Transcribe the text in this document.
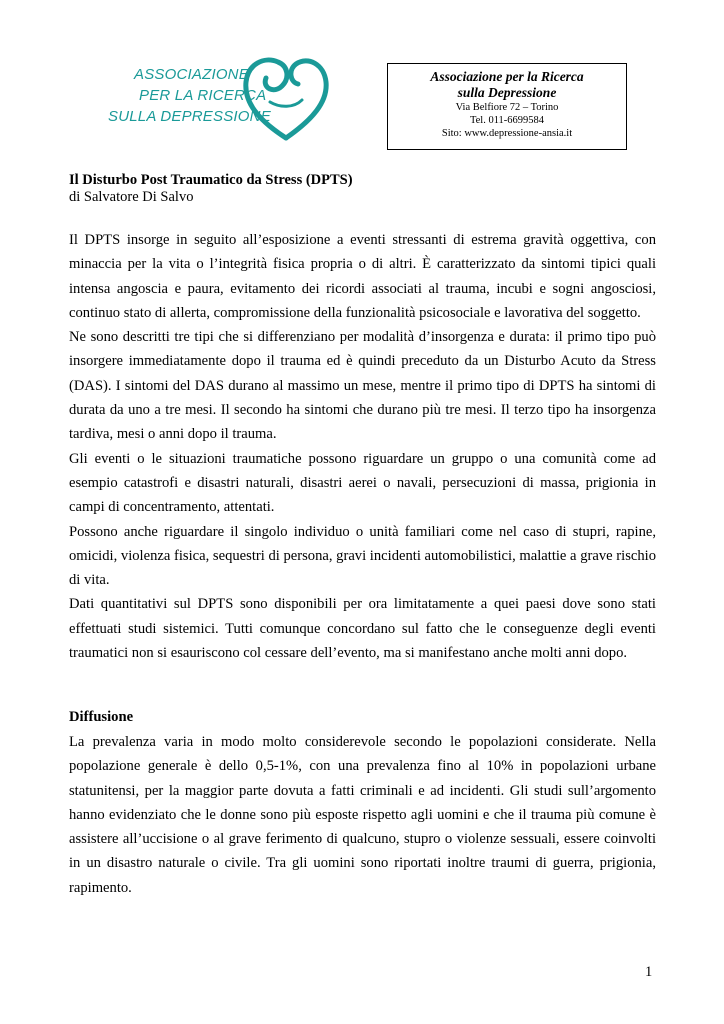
ASSOCIAZIONE
PER LA RICERCA
SULLA DEPRESSIONE
Associazione per la Ricerca
sulla Depressione
Via Belfiore 72 – Torino
Tel. 011-6699584
Sito: www.depressione-ansia.it
Il Disturbo Post Traumatico da Stress (DPTS)
di Salvatore Di Salvo

Il DPTS insorge in seguito all’esposizione a eventi stressanti di estrema gravità oggettiva, con minaccia per la vita o l’integrità fisica propria o di altri. È caratterizzato da sintomi tipici quali intensa angoscia e paura, evitamento dei ricordi associati al trauma, incubi e sogni angosciosi, continuo stato di allerta, compromissione della funzionalità psicosociale e lavorativa del soggetto.

Ne sono descritti tre tipi che si differenziano per modalità d’insorgenza e durata: il primo tipo può insorgere immediatamente dopo il trauma ed è quindi preceduto da un Disturbo Acuto da Stress (DAS). I sintomi del DAS durano al massimo un mese, mentre il primo tipo di DPTS ha sintomi di durata da uno a tre mesi. Il secondo ha sintomi che durano più tre mesi. Il terzo tipo ha insorgenza tardiva, mesi o anni dopo il trauma.

Gli eventi o le situazioni traumatiche possono riguardare un gruppo o una comunità come ad esempio catastrofi e disastri naturali, disastri aerei o navali, persecuzioni di massa, prigionia in campi di concentramento, attentati.

Possono anche riguardare il singolo individuo o unità familiari come nel caso di stupri, rapine, omicidi, violenza fisica, sequestri di persona, gravi incidenti automobilistici, malattie a grave rischio di vita.

Dati quantitativi sul DPTS sono disponibili per ora limitatamente a quei paesi dove sono stati effettuati studi sistemici. Tutti comunque concordano sul fatto che le conseguenze degli eventi traumatici non si esauriscono col cessare dell’evento, ma si manifestano anche molti anni dopo.

Diffusione

La prevalenza varia in modo molto considerevole secondo le popolazioni considerate. Nella popolazione generale è dello 0,5-1%, con una prevalenza fino al 10% in popolazioni urbane statunitensi, per la maggior parte dovuta a fatti criminali e ad incidenti. Gli studi sull’argomento hanno evidenziato che le donne sono più esposte rispetto agli uomini e che il trauma più comune è assistere all’uccisione o al grave ferimento di qualcuno, stupro o violenze sessuali, essere coinvolti in un disastro naturale o civile. Tra gli uomini sono riportati inoltre traumi di guerra, prigionia, rapimento.

1
